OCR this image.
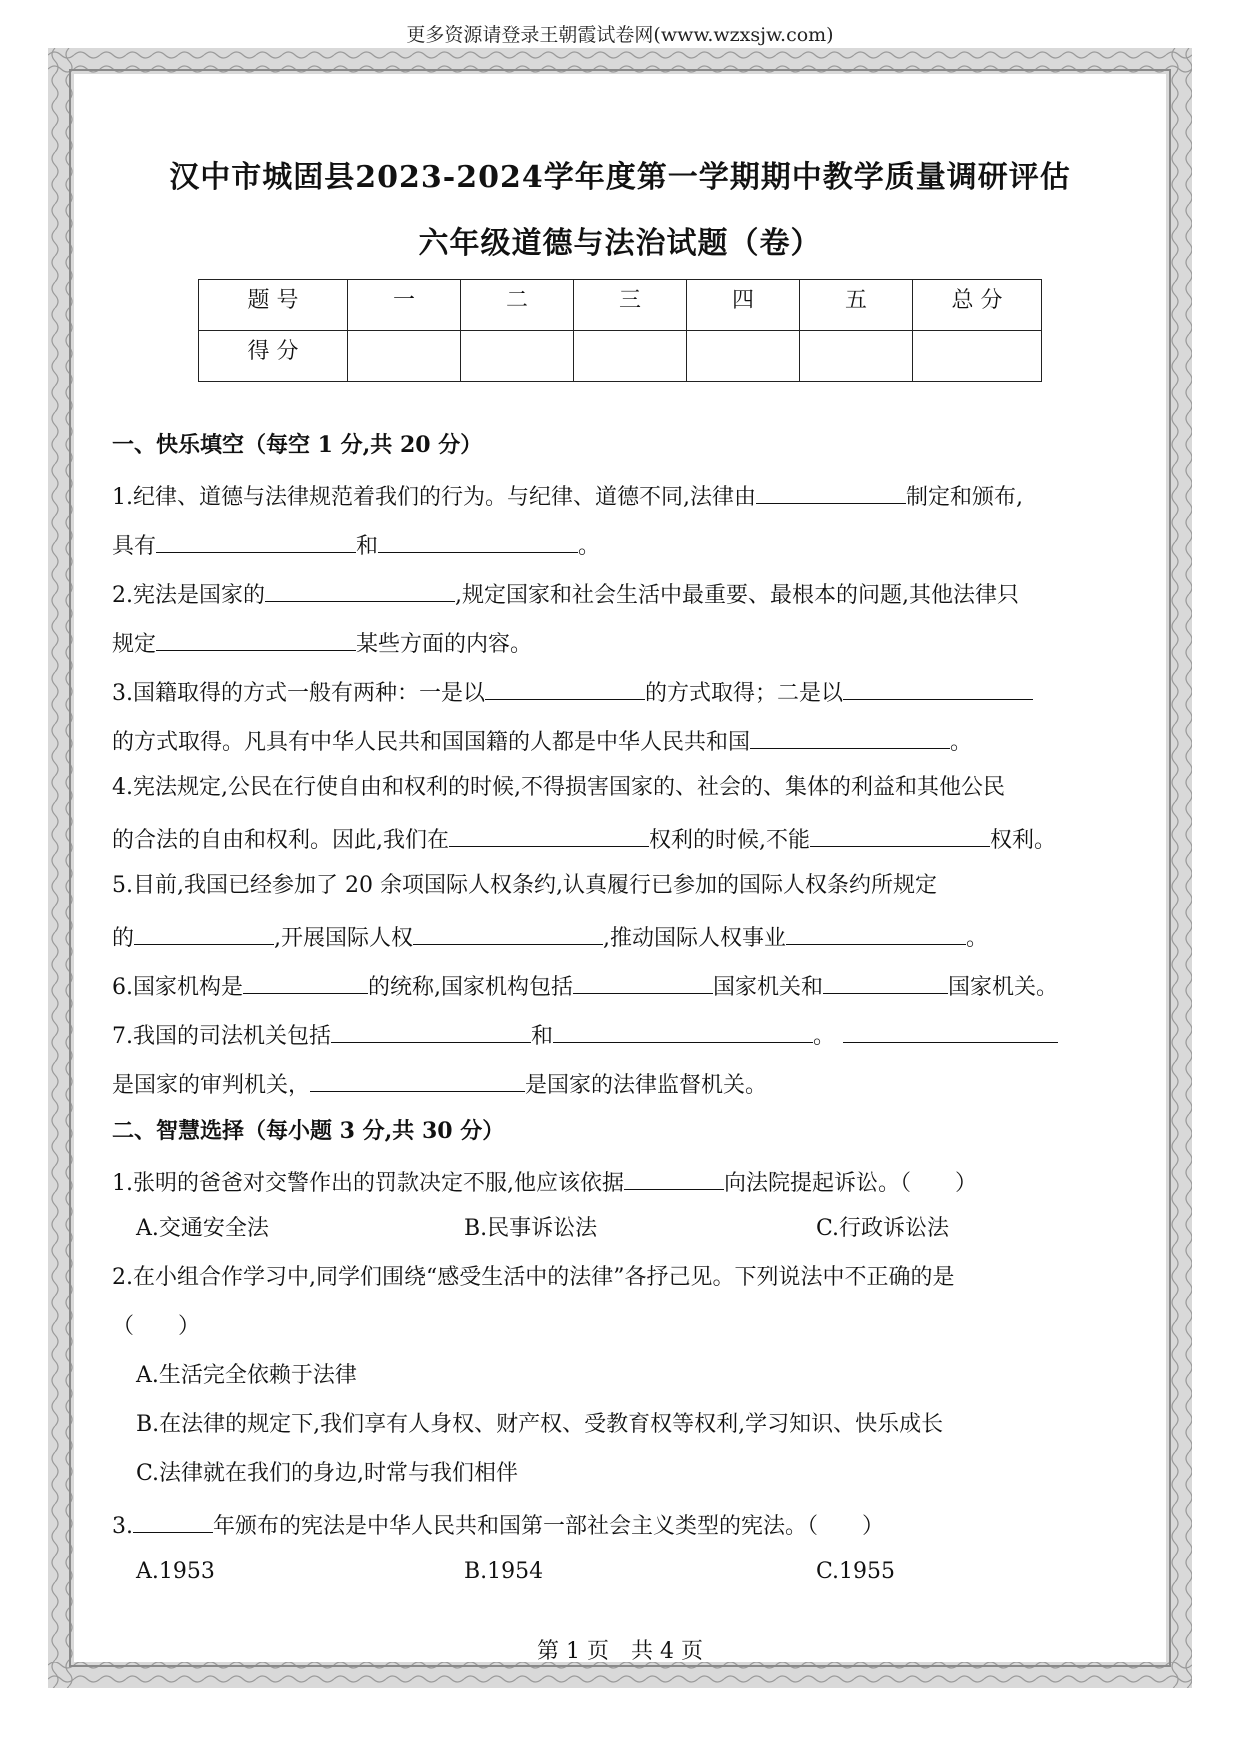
更多资源请登录王朝霞试卷网(www.wzxsjw.com)
汉中市城固县2023-2024学年度第一学期期中教学质量调研评估
六年级道德与法治试题（卷）
题 号	一	二	三	四	五	总 分
得 分						
一、快乐填空（每空 1 分,共 20 分）
1.纪律、道德与法律规范着我们的行为。与纪律、道德不同,法律由	制定和颁布,
具有	和	。
2.宪法是国家的	,规定国家和社会生活中最重要、最根本的问题,其他法律只
规定	某些方面的内容。
3.国籍取得的方式一般有两种：一是以	的方式取得；二是以
的方式取得。凡具有中华人民共和国国籍的人都是中华人民共和国	。
4.宪法规定,公民在行使自由和权利的时候,不得损害国家的、社会的、集体的利益和其他公民
的合法的自由和权利。因此,我们在	权利的时候,不能	权利。
5.目前,我国已经参加了 20 余项国际人权条约,认真履行已参加的国际人权条约所规定
的	,开展国际人权	,推动国际人权事业	。
6.国家机构是	的统称,国家机构包括	国家机关和	国家机关。
7.我国的司法机关包括	和	。
是国家的审判机关，	是国家的法律监督机关。
二、智慧选择（每小题 3 分,共 30 分）
1.张明的爸爸对交警作出的罚款决定不服,他应该依据	向法院提起诉讼。（　　）
A.交通安全法	B.民事诉讼法	C.行政诉讼法
2.在小组合作学习中,同学们围绕“感受生活中的法律”各抒己见。下列说法中不正确的是
（　　）
A.生活完全依赖于法律
B.在法律的规定下,我们享有人身权、财产权、受教育权等权利,学习知识、快乐成长
C.法律就在我们的身边,时常与我们相伴
3.	年颁布的宪法是中华人民共和国第一部社会主义类型的宪法。（　　）
A.1953	B.1954	C.1955
第 1 页　共 4 页
